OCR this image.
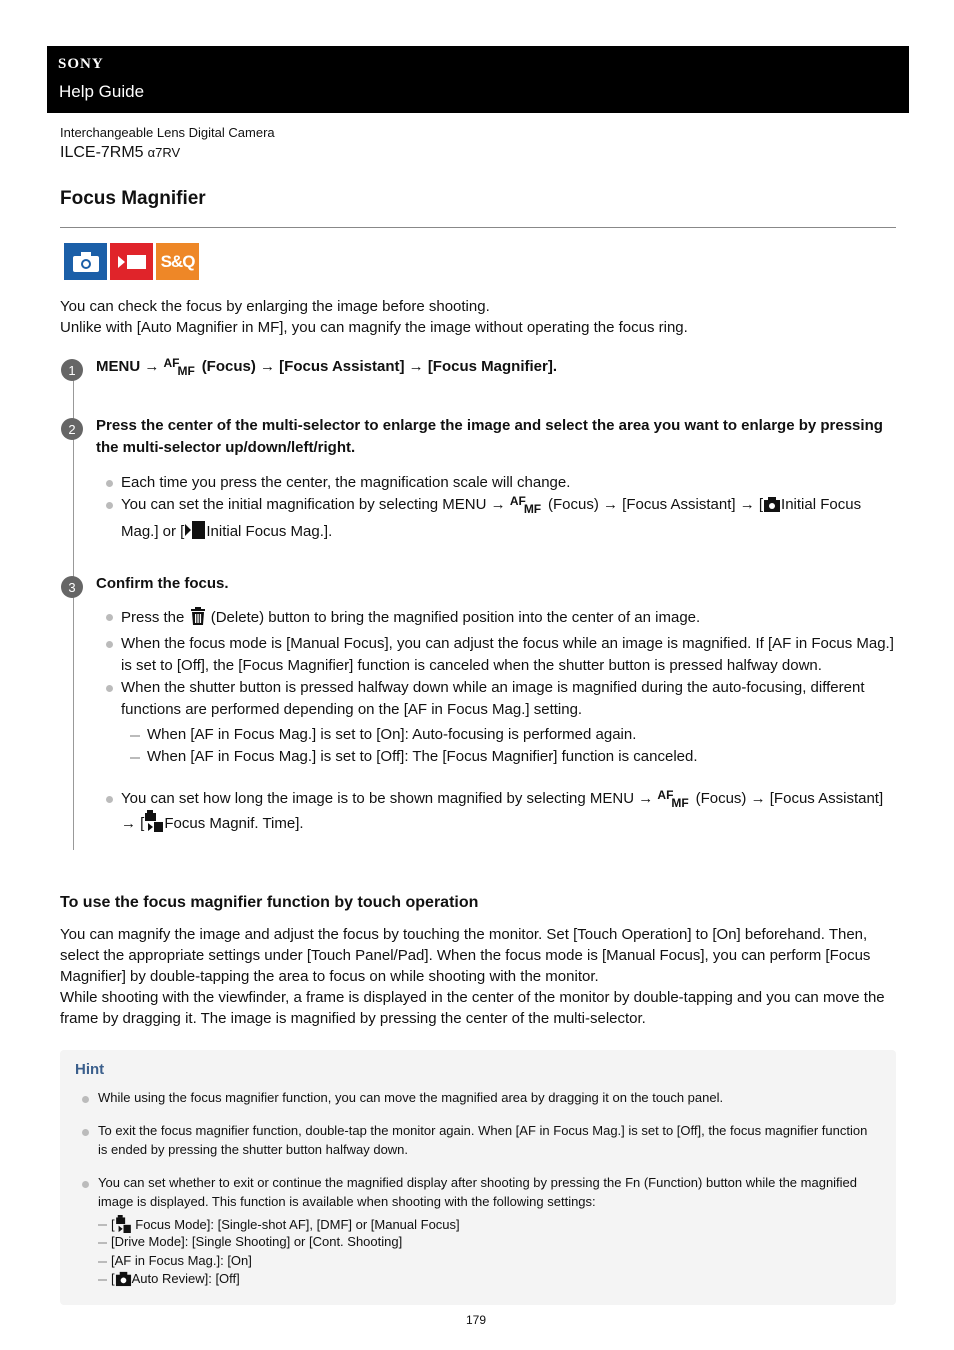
SONY
Help Guide
Interchangeable Lens Digital Camera
ILCE-7RM5 α7RV
Focus Magnifier
S&Q
You can check the focus by enlarging the image before shooting.
Unlike with [Auto Magnifier in MF], you can magnify the image without operating the focus ring.
1	MENU → AF
MF (Focus) → [Focus Assistant] → [Focus Magnifier].
2	Press the center of the multi-selector to enlarge the image and select the area you want to enlarge by pressing the multi-selector up/down/left/right.
Each time you press the center, the magnification scale will change.
You can set the initial magnification by selecting MENU → AF
MF (Focus) → [Focus Assistant] → [ Initial Focus Mag.] or [ Initial Focus Mag.].
3	Confirm the focus.
Press the (Delete) button to bring the magnified position into the center of an image.
When the focus mode is [Manual Focus], you can adjust the focus while an image is magnified. If [AF in Focus Mag.] is set to [Off], the [Focus Magnifier] function is canceled when the shutter button is pressed halfway down.
When the shutter button is pressed halfway down while an image is magnified during the auto-focusing, different functions are performed depending on the [AF in Focus Mag.] setting.
When [AF in Focus Mag.] is set to [On]: Auto-focusing is performed again.
When [AF in Focus Mag.] is set to [Off]: The [Focus Magnifier] function is canceled.
You can set how long the image is to be shown magnified by selecting MENU → AF
MF (Focus) → [Focus Assistant] → [ Focus Magnif. Time].
To use the focus magnifier function by touch operation

You can magnify the image and adjust the focus by touching the monitor. Set [Touch Operation] to [On] beforehand. Then, select the appropriate settings under [Touch Panel/Pad]. When the focus mode is [Manual Focus], you can perform [Focus Magnifier] by double-tapping the area to focus on while shooting with the monitor.

While shooting with the viewfinder, a frame is displayed in the center of the monitor by double-tapping and you can move the frame by dragging it. The image is magnified by pressing the center of the multi-selector.

Hint
While using the focus magnifier function, you can move the magnified area by dragging it on the touch panel.
To exit the focus magnifier function, double-tap the monitor again. When [AF in Focus Mag.] is set to [Off], the focus magnifier function is ended by pressing the shutter button halfway down.
You can set whether to exit or continue the magnified display after shooting by pressing the Fn (Function) button while the magnified image is displayed. This function is available when shooting with the following settings:
[ Focus Mode]: [Single-shot AF], [DMF] or [Manual Focus]
[Drive Mode]: [Single Shooting] or [Cont. Shooting]
[AF in Focus Mag.]: [On]
[ Auto Review]: [Off]
179
